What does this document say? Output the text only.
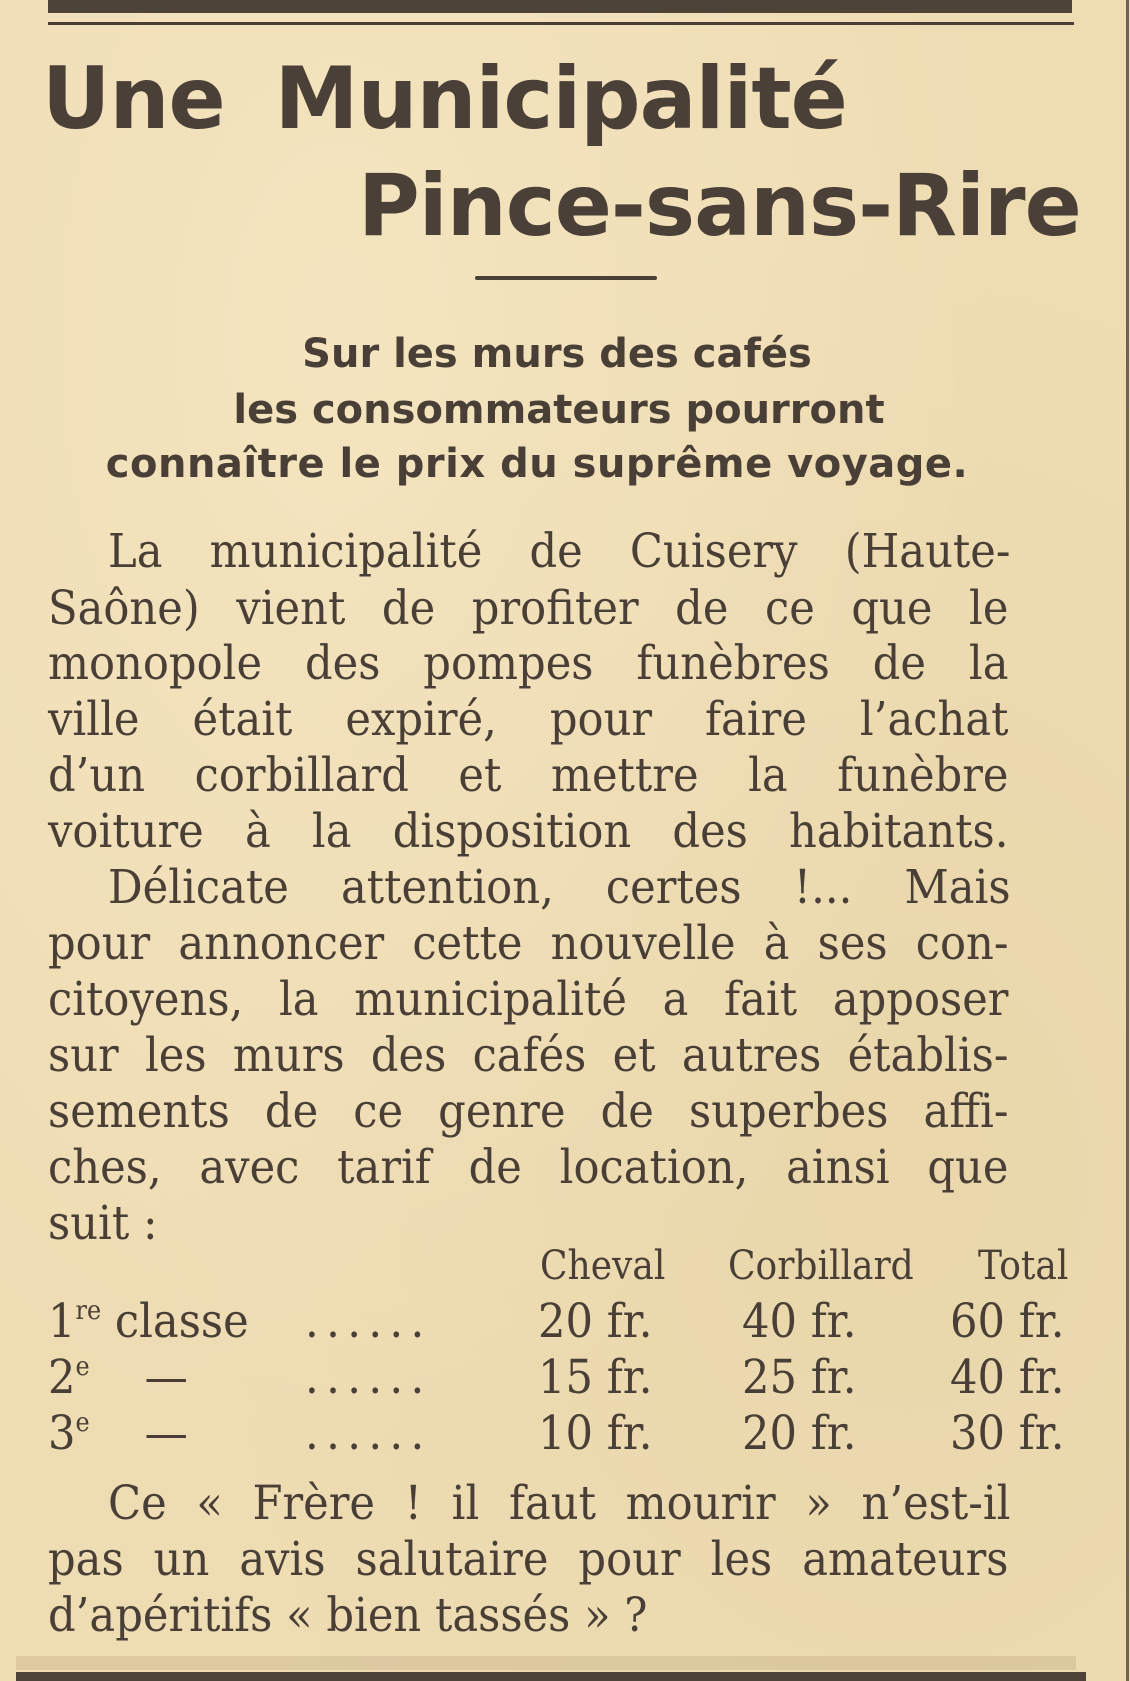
Une Municipalité
Pince-sans-Rire
Sur les murs des cafés
les consommateurs pourront
connaître le prix du suprême voyage.

La municipalité de Cuisery (Haute-

Saône) vient de profiter de ce que le

monopole des pompes funèbres de la

ville était expiré, pour faire l’achat

d’un corbillard et mettre la funèbre

voiture à la disposition des habitants.

Délicate attention, certes !... Mais

pour annoncer cette nouvelle à ses con-

citoyens, la municipalité a fait apposer

sur les murs des cafés et autres établis-

sements de ce genre de superbes affi-

ches, avec tarif de location, ainsi que

suit :

Cheval Corbillard Total
1re classe ...... 20 fr. 40 fr. 60 fr.
2e — ...... 15 fr. 25 fr. 40 fr.
3e — ...... 10 fr. 20 fr. 30 fr.

Ce « Frère ! il faut mourir » n’est-il

pas un avis salutaire pour les amateurs

d’apéritifs « bien tassés » ?
